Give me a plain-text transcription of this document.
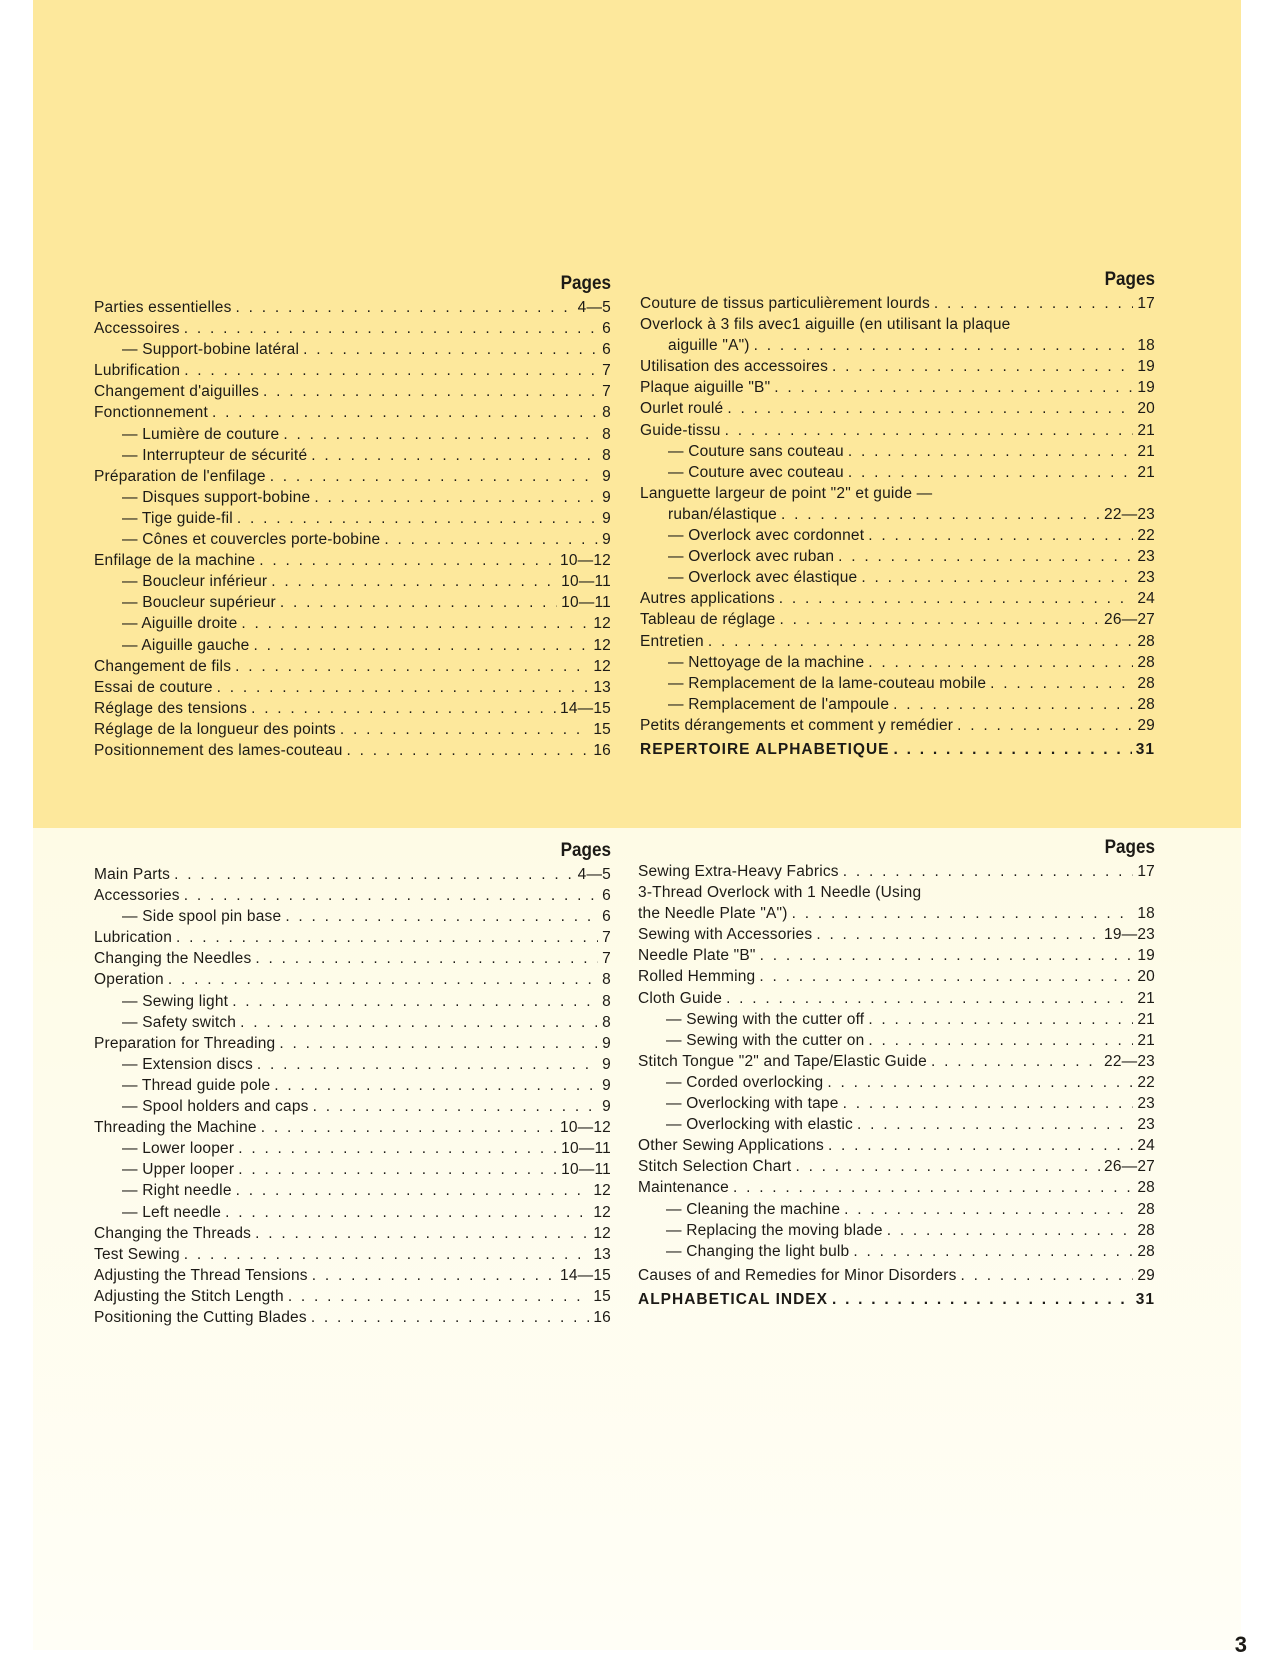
Pages
Parties essentielles . . .	4—5
Accessoires . . .	6
— Support-bobine latéral . . .	6
Lubrification . . .	7
Changement d'aiguilles . . .	7
Fonctionnement . . .	8
— Lumière de couture . . .	8
— Interrupteur de sécurité . . .	8
Préparation de l'enfilage . . .	9
— Disques support-bobine . . .	9
— Tige guide-fil . . .	9
— Cônes et couvercles porte-bobine . . .	9
Enfilage de la machine . . .	10—12
— Boucleur inférieur . . .	10—11
— Boucleur supérieur . . .	10—11
— Aiguille droite . . .	12
— Aiguille gauche . . .	12
Changement de fils . . .	12
Essai de couture . . .	13
Réglage des tensions . . .	14—15
Réglage de la longueur des points . . .	15
Positionnement des lames-couteau . . .	16
Pages
Couture de tissus particulièrement lourds . . .	17
Overlock à 3 fils avec1 aiguille (en utilisant la plaque
aiguille "A") . . .	18
Utilisation des accessoires . . .	19
Plaque aiguille "B" . . .	19
Ourlet roulé . . .	20
Guide-tissu . . .	21
— Couture sans couteau . . .	21
— Couture avec couteau . . .	21
Languette largeur de point "2" et guide —
ruban/élastique . . .	22—23
— Overlock avec cordonnet . . .	22
— Overlock avec ruban . . .	23
— Overlock avec élastique . . .	23
Autres applications . . .	24
Tableau de réglage . . .	26—27
Entretien . . .	28
— Nettoyage de la machine . . .	28
— Remplacement de la lame-couteau mobile . . .	28
— Remplacement de l'ampoule . . .	28
Petits dérangements et comment y remédier . . .	29
REPERTOIRE ALPHABETIQUE . . .	31
Pages
Main Parts . . .	4—5
Accessories . . .	6
— Side spool pin base . . .	6
Lubrication . . .	7
Changing the Needles . . .	7
Operation . . .	8
— Sewing light . . .	8
— Safety switch . . .	8
Preparation for Threading . . .	9
— Extension discs . . .	9
— Thread guide pole . . .	9
— Spool holders and caps . . .	9
Threading the Machine . . .	10—12
— Lower looper . . .	10—11
— Upper looper . . .	10—11
— Right needle . . .	12
— Left needle . . .	12
Changing the Threads . . .	12
Test Sewing . . .	13
Adjusting the Thread Tensions . . .	14—15
Adjusting the Stitch Length . . .	15
Positioning the Cutting Blades . . .	16
Pages
Sewing Extra-Heavy Fabrics . . .	17
3-Thread Overlock with 1 Needle (Using
the Needle Plate "A") . . .	18
Sewing with Accessories . . .	19—23
Needle Plate "B" . . .	19
Rolled Hemming . . .	20
Cloth Guide . . .	21
— Sewing with the cutter off . . .	21
— Sewing with the cutter on . . .	21
Stitch Tongue "2" and Tape/Elastic Guide . . .	22—23
— Corded overlocking . . .	22
— Overlocking with tape . . .	23
— Overlocking with elastic . . .	23
Other Sewing Applications . . .	24
Stitch Selection Chart . . .	26—27
Maintenance . . .	28
— Cleaning the machine . . .	28
— Replacing the moving blade . . .	28
— Changing the light bulb . . .	28
Causes of and Remedies for Minor Disorders . . .	29
ALPHABETICAL INDEX . . .	31
3
